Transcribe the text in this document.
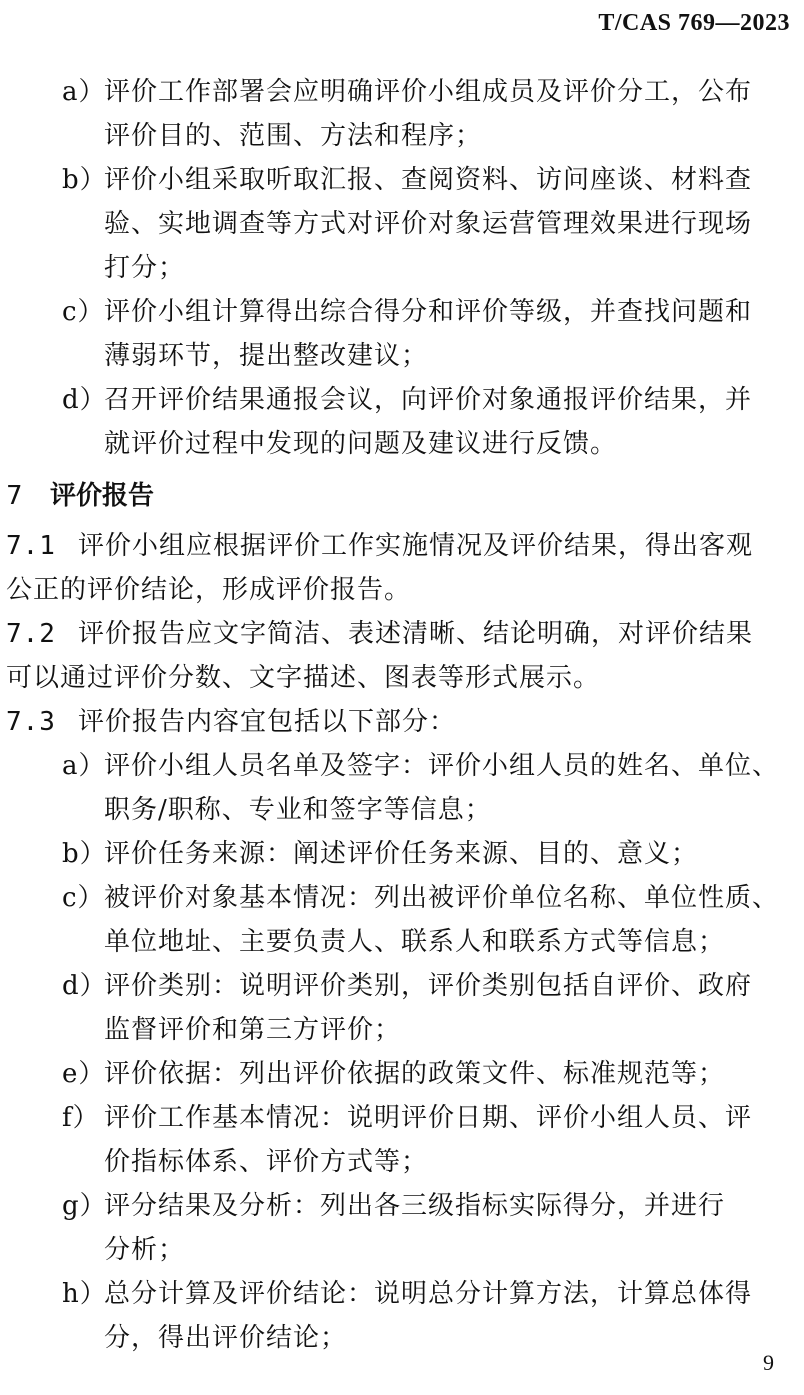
T/CAS 769—2023
a）评价工作部署会应明确评价小组成员及评价分工，公布
评价目的、范围、方法和程序；
b）评价小组采取听取汇报、查阅资料、访问座谈、材料查
验、实地调查等方式对评价对象运营管理效果进行现场
打分；
c）评价小组计算得出综合得分和评价等级，并查找问题和
薄弱环节，提出整改建议；
d）召开评价结果通报会议，向评价对象通报评价结果，并
就评价过程中发现的问题及建议进行反馈。
7 评价报告
7.1 评价小组应根据评价工作实施情况及评价结果，得出客观
公正的评价结论，形成评价报告。
7.2 评价报告应文字简洁、表述清晰、结论明确，对评价结果
可以通过评价分数、文字描述、图表等形式展示。
7.3 评价报告内容宜包括以下部分：
a）评价小组人员名单及签字：评价小组人员的姓名、单位、
职务/职称、专业和签字等信息；
b）评价任务来源：阐述评价任务来源、目的、意义；
c）被评价对象基本情况：列出被评价单位名称、单位性质、
单位地址、主要负责人、联系人和联系方式等信息；
d）评价类别：说明评价类别，评价类别包括自评价、政府
监督评价和第三方评价；
e）评价依据：列出评价依据的政策文件、标准规范等；
f） 评价工作基本情况：说明评价日期、评价小组人员、评
价指标体系、评价方式等；
g）评分结果及分析：列出各三级指标实际得分，并进行
分析；
h）总分计算及评价结论：说明总分计算方法，计算总体得
分，得出评价结论；
9
